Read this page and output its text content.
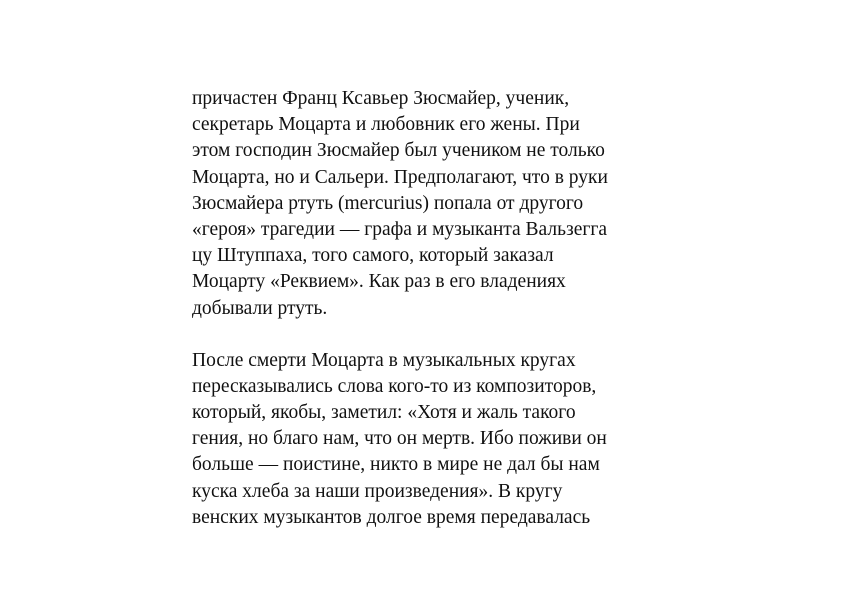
причастен Франц Ксавьер Зюсмайер, ученик,
секретарь Моцарта и любовник его жены. При
этом господин Зюсмайер был учеником не только
Моцарта, но и Сальери. Предполагают, что в руки
Зюсмайера ртуть (mercurius) попала от другого
«героя» трагедии — графа и музыканта Вальзегга
цу Штуппаха, того самого, который заказал
Моцарту «Реквием». Как раз в его владениях
добывали ртуть.
После смерти Моцарта в музыкальных кругах
пересказывались слова кого-то из композиторов,
который, якобы, заметил: «Хотя и жаль такого
гения, но благо нам, что он мертв. Ибо поживи он
больше — поистине, никто в мире не дал бы нам
куска хлеба за наши произведения». В кругу
венских музыкантов долгое время передавалась
